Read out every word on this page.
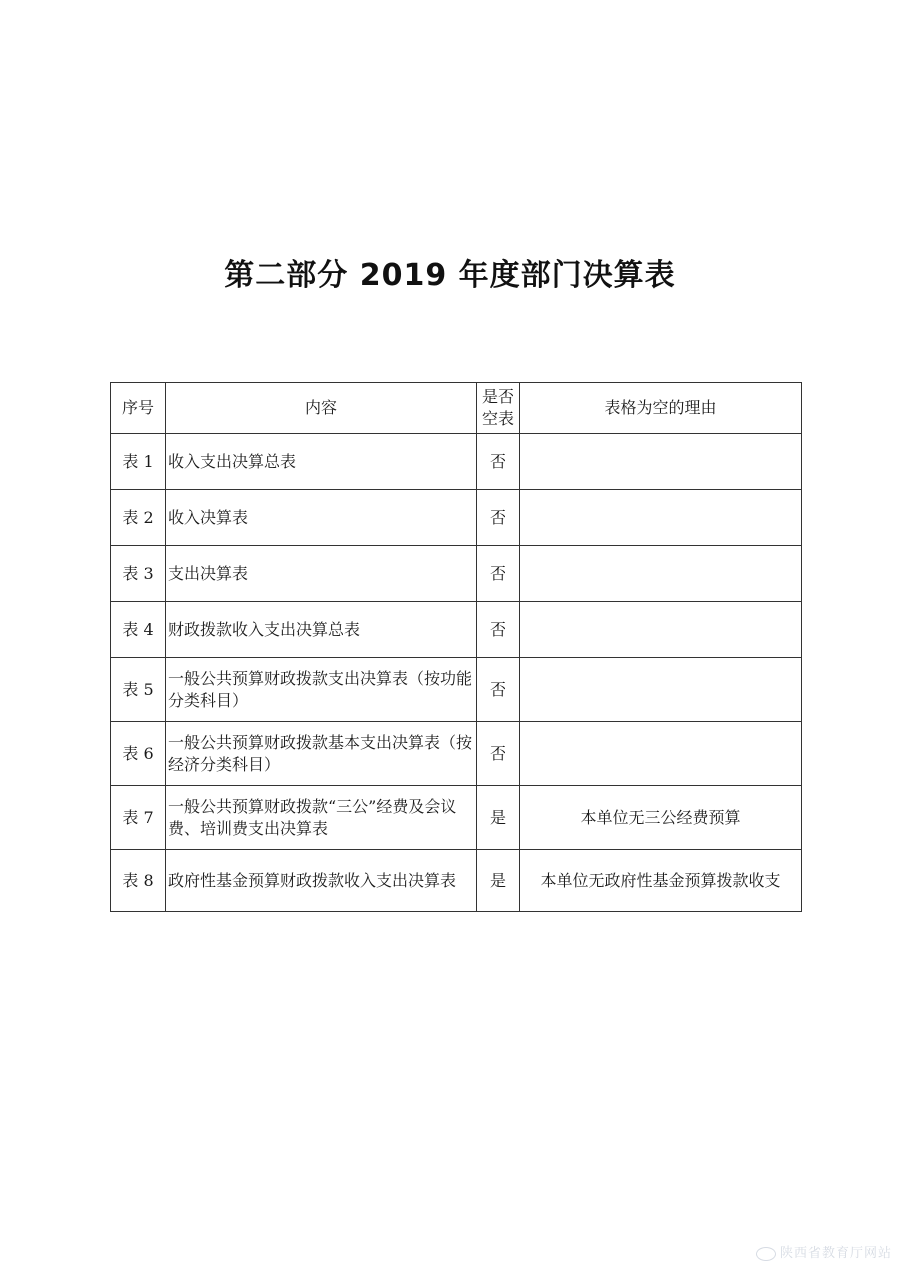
第二部分 2019 年度部门决算表
序号	内容	是否空表	表格为空的理由
表 1	收入支出决算总表	否	
表 2	收入决算表	否	
表 3	支出决算表	否	
表 4	财政拨款收入支出决算总表	否	
表 5	一般公共预算财政拨款支出决算表（按功能分类科目）	否	
表 6	一般公共预算财政拨款基本支出决算表（按经济分类科目）	否	
表 7	一般公共预算财政拨款“三公”经费及会议费、培训费支出决算表	是	本单位无三公经费预算
表 8	政府性基金预算财政拨款收入支出决算表	是	本单位无政府性基金预算拨款收支
陕西省教育厅网站
